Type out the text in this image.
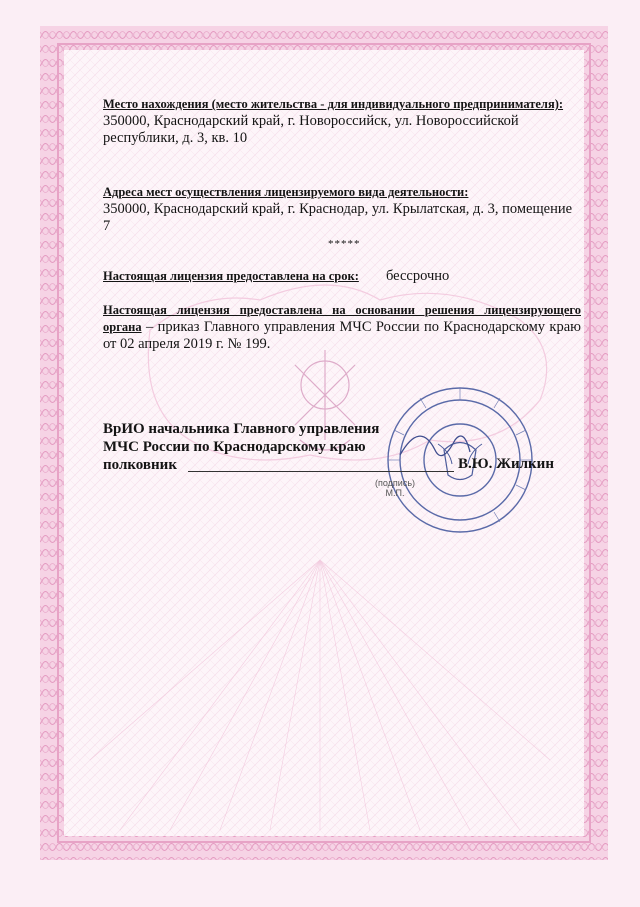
Место нахождения (место жительства - для индивидуального предпринимателя):
350000, Краснодарский край, г. Новороссийск, ул. Новороссийской республики, д. 3, кв. 10
Адреса мест осуществления лицензируемого вида деятельности:
350000, Краснодарский край, г. Краснодар, ул. Крылатская, д. 3, помещение 7
*****
Настоящая лицензия предоставлена на срок:	бессрочно
Настоящая лицензия предоставлена на основании решения лицензирующего органа – приказ Главного управления МЧС России по Краснодарскому краю от 02 апреля 2019 г. № 199.
ВрИО начальника Главного управления
МЧС России по Краснодарскому краю
полковник	В.Ю. Жилкин
(подпись)
М.П.
